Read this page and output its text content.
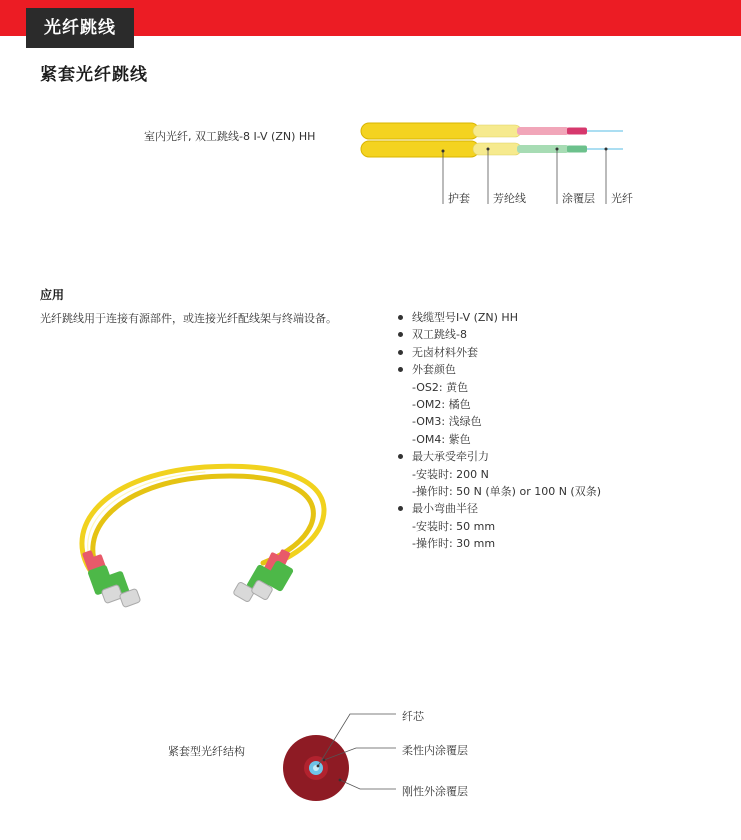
光纤跳线
紧套光纤跳线
室内光纤, 双工跳线-8 I-V (ZN) HH
护套 芳纶线	涂覆层 光纤
应用
光纤跳线用于连接有源部件，或连接光纤配线架与终端设备。	线缆型号I-V (ZN) HH
双工跳线-8
无卤材料外套
外套颜色
-OS2: 黄色
-OM2: 橘色
-OM3: 浅绿色
-OM4: 紫色
最大承受牵引力
-安装时: 200 N
-操作时: 50 N (单条) or 100 N (双条)
最小弯曲半径
-安装时: 50 mm
-操作时: 30 mm
紧套型光纤结构
纤芯
柔性内涂覆层
刚性外涂覆层
